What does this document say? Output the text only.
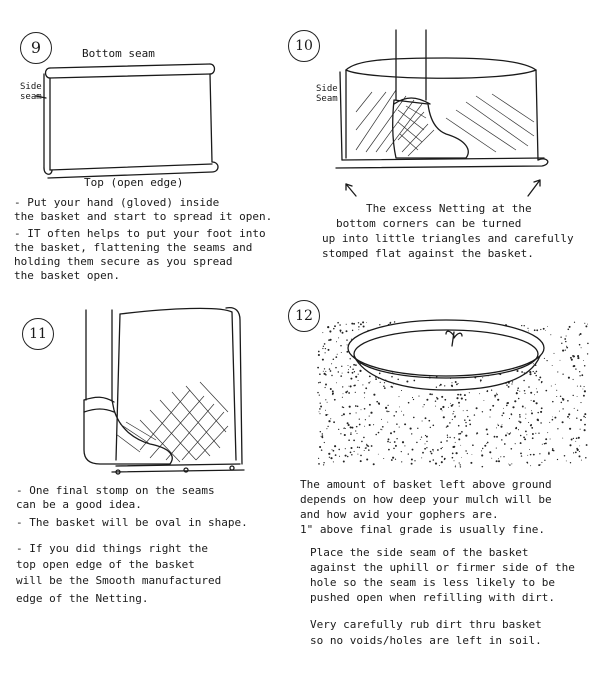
9	Bottom seam
Side
seam
Top (open edge)
- Put your hand (gloved) inside
the basket and start to spread it open.
- IT often helps to put your foot into
the basket, flattening the seams and
holding them secure as you spread
the basket open.
10
Side
Seam
The excess Netting at the
bottom corners can be turned
up into little triangles and carefully
stomped flat against the basket.
11
- One final stomp on the seams
can be a good idea.
- The basket will be oval in shape.
- If you did things right the
top open edge of the basket
will be the Smooth manufactured
edge of the Netting.
12
The amount of basket left above ground
depends on how deep your mulch will be
and how avid your gophers are.
1" above final grade is usually fine.
Place the side seam of the basket
against the uphill or firmer side of the
hole so the seam is less likely to be
pushed open when refilling with dirt.
Very carefully rub dirt thru basket
so no voids/holes are left in soil.
